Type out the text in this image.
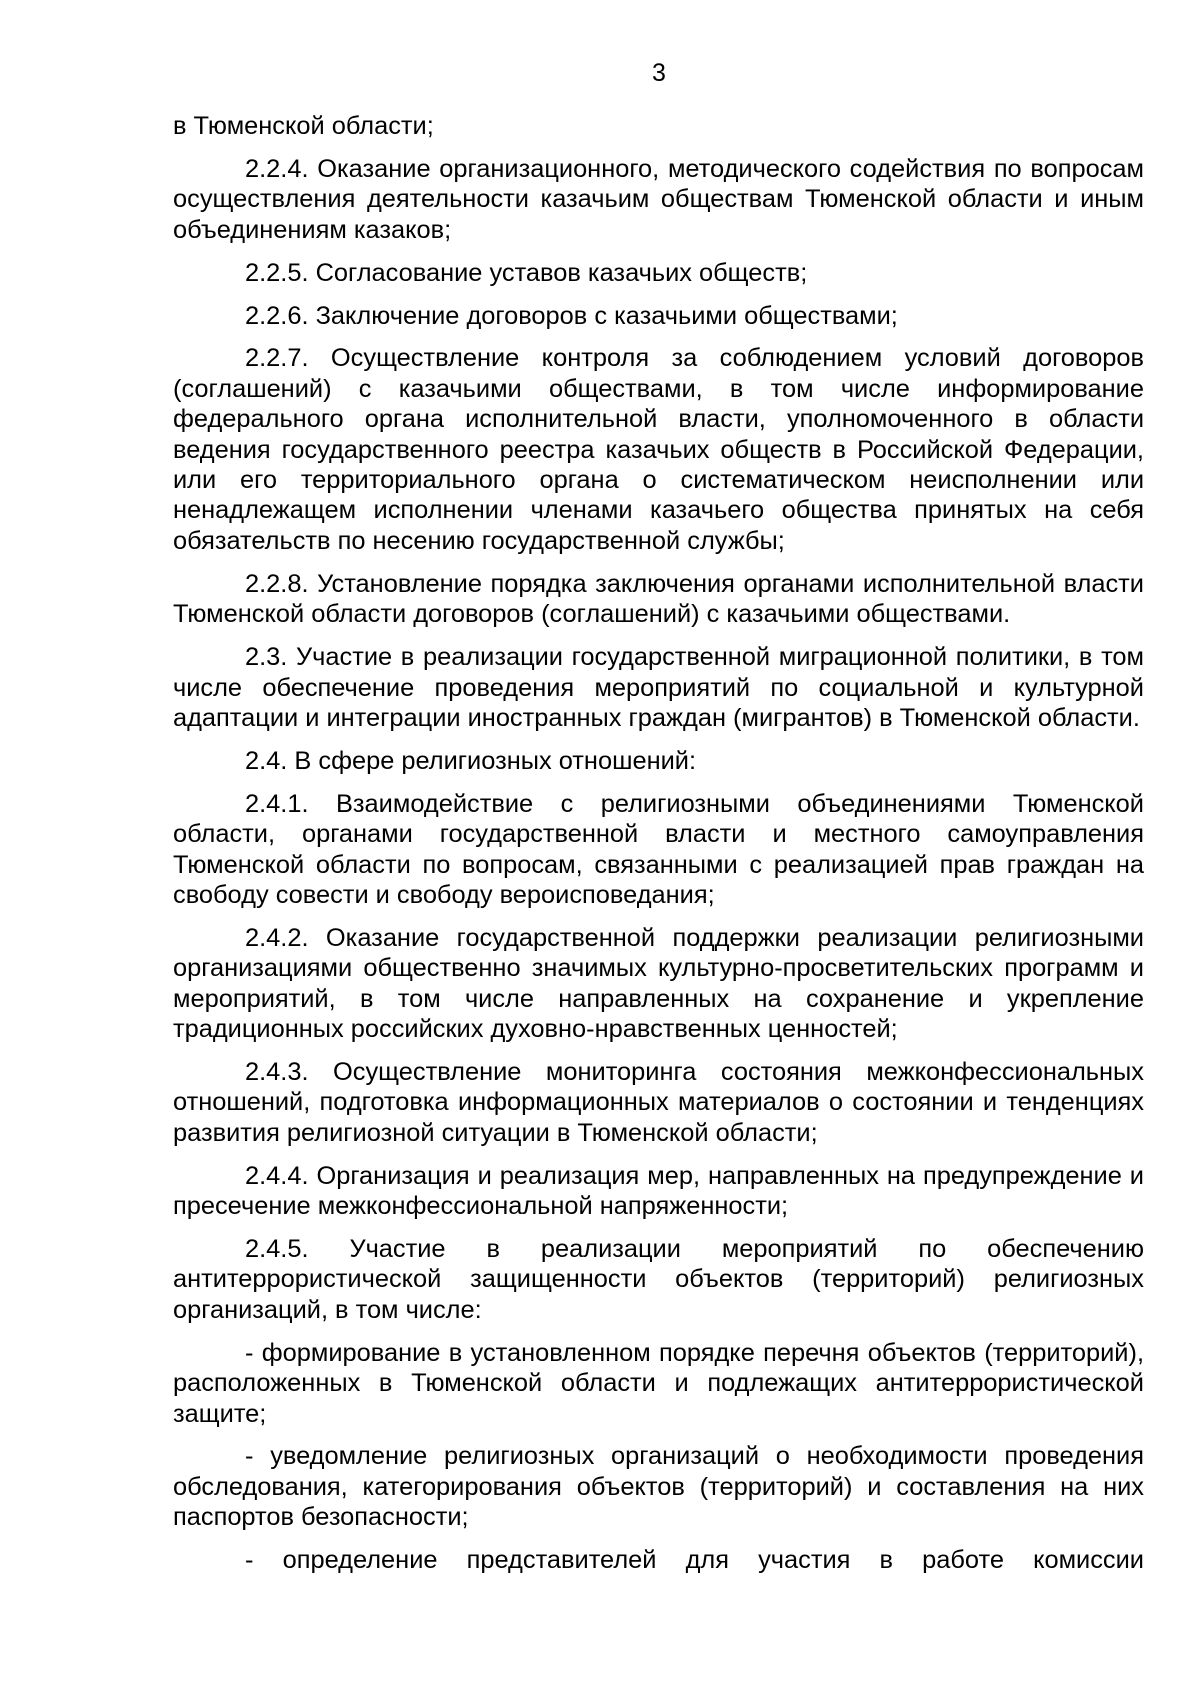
3

в Тюменской области;

2.2.4. Оказание организационного, методического содействия по вопросам осуществления деятельности казачьим обществам Тюменской области и иным объединениям казаков;

2.2.5. Согласование уставов казачьих обществ;

2.2.6. Заключение договоров с казачьими обществами;

2.2.7. Осуществление контроля за соблюдением условий договоров (соглашений) с казачьими обществами, в том числе информирование федерального органа исполнительной власти, уполномоченного в области ведения государственного реестра казачьих обществ в Российской Федерации, или его территориального органа о систематическом неисполнении или ненадлежащем исполнении членами казачьего общества принятых на себя обязательств по несению государственной службы;

2.2.8. Установление порядка заключения органами исполнительной власти Тюменской области договоров (соглашений) с казачьими обществами.

2.3. Участие в реализации государственной миграционной политики, в том числе обеспечение проведения мероприятий по социальной и культурной адаптации и интеграции иностранных граждан (мигрантов) в Тюменской области.

2.4. В сфере религиозных отношений:

2.4.1. Взаимодействие с религиозными объединениями Тюменской области, органами государственной власти и местного самоуправления Тюменской области по вопросам, связанными с реализацией прав граждан на свободу совести и свободу вероисповедания;

2.4.2. Оказание государственной поддержки реализации религиозными организациями общественно значимых культурно-просветительских программ и мероприятий, в том числе направленных на сохранение и укрепление традиционных российских духовно-нравственных ценностей;

2.4.3. Осуществление мониторинга состояния межконфессиональных отношений, подготовка информационных материалов о состоянии и тенденциях развития религиозной ситуации в Тюменской области;

2.4.4. Организация и реализация мер, направленных на предупреждение и пресечение межконфессиональной напряженности;

2.4.5. Участие в реализации мероприятий по обеспечению антитеррористической защищенности объектов (территорий) религиозных организаций, в том числе:

- формирование в установленном порядке перечня объектов (территорий), расположенных в Тюменской области и подлежащих антитеррористической защите;

- уведомление религиозных организаций о необходимости проведения обследования, категорирования объектов (территорий) и составления на них паспортов безопасности;

- определение представителей для участия в работе комиссии
